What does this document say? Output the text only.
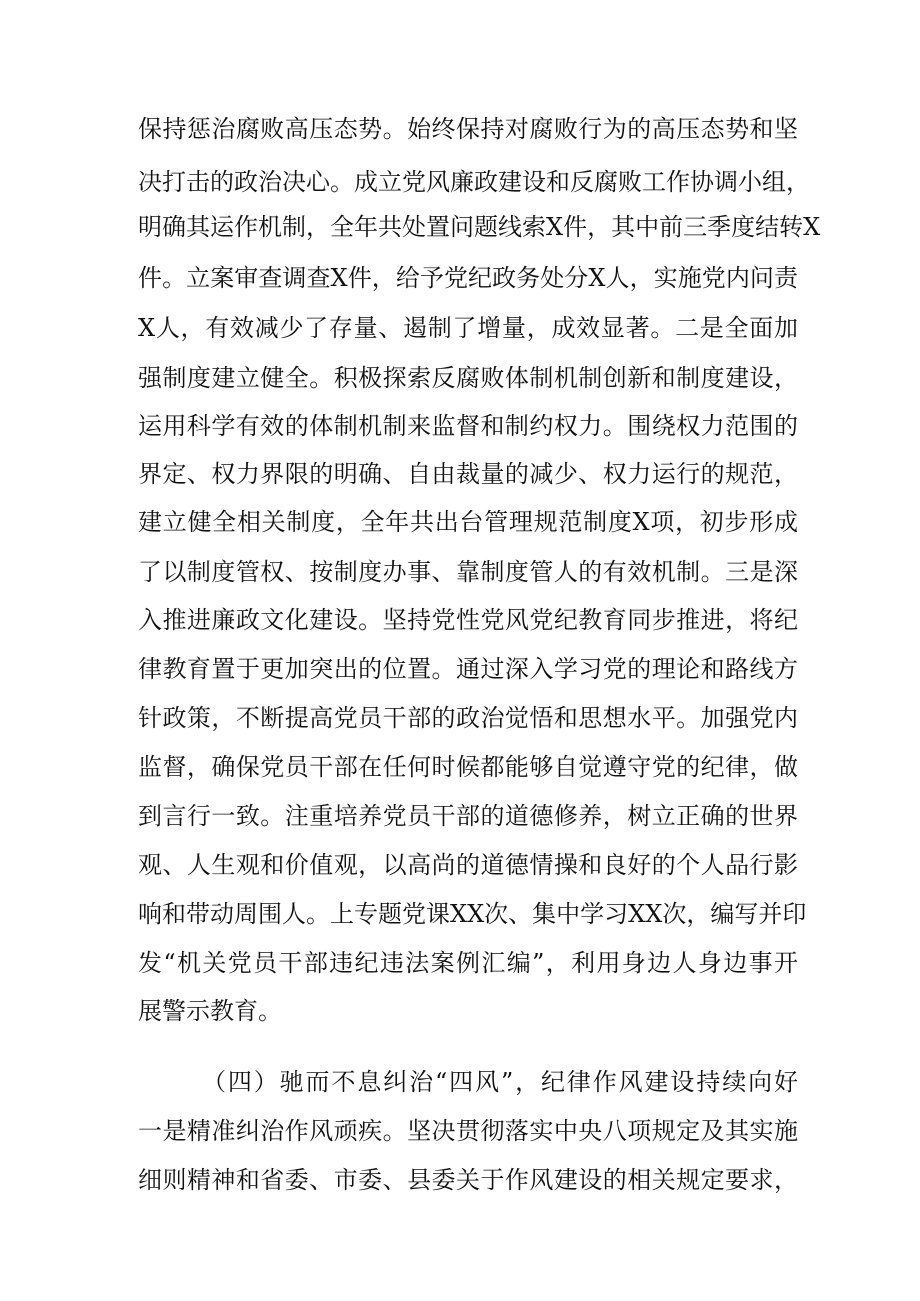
保持惩治腐败高压态势。始终保持对腐败行为的高压态势和坚
决打击的政治决心。成立党风廉政建设和反腐败工作协调小组，
明确其运作机制，全年共处置问题线索X件，其中前三季度结转X
件。立案审查调查X件，给予党纪政务处分X人，实施党内问责
X人，有效减少了存量、遏制了增量，成效显著。二是全面加
强制度建立健全。积极探索反腐败体制机制创新和制度建设，
运用科学有效的体制机制来监督和制约权力。围绕权力范围的
界定、权力界限的明确、自由裁量的减少、权力运行的规范，
建立健全相关制度，全年共出台管理规范制度X项，初步形成
了以制度管权、按制度办事、靠制度管人的有效机制。三是深
入推进廉政文化建设。坚持党性党风党纪教育同步推进，将纪
律教育置于更加突出的位置。通过深入学习党的理论和路线方
针政策，不断提高党员干部的政治觉悟和思想水平。加强党内
监督，确保党员干部在任何时候都能够自觉遵守党的纪律，做
到言行一致。注重培养党员干部的道德修养，树立正确的世界
观、人生观和价值观，以高尚的道德情操和良好的个人品行影
响和带动周围人。上专题党课XX次、集中学习XX次，编写并印
发“机关党员干部违纪违法案例汇编”，利用身边人身边事开
展警示教育。
（四）驰而不息纠治“四风”，纪律作风建设持续向好
一是精准纠治作风顽疾。坚决贯彻落实中央八项规定及其实施
细则精神和省委、市委、县委关于作风建设的相关规定要求，
